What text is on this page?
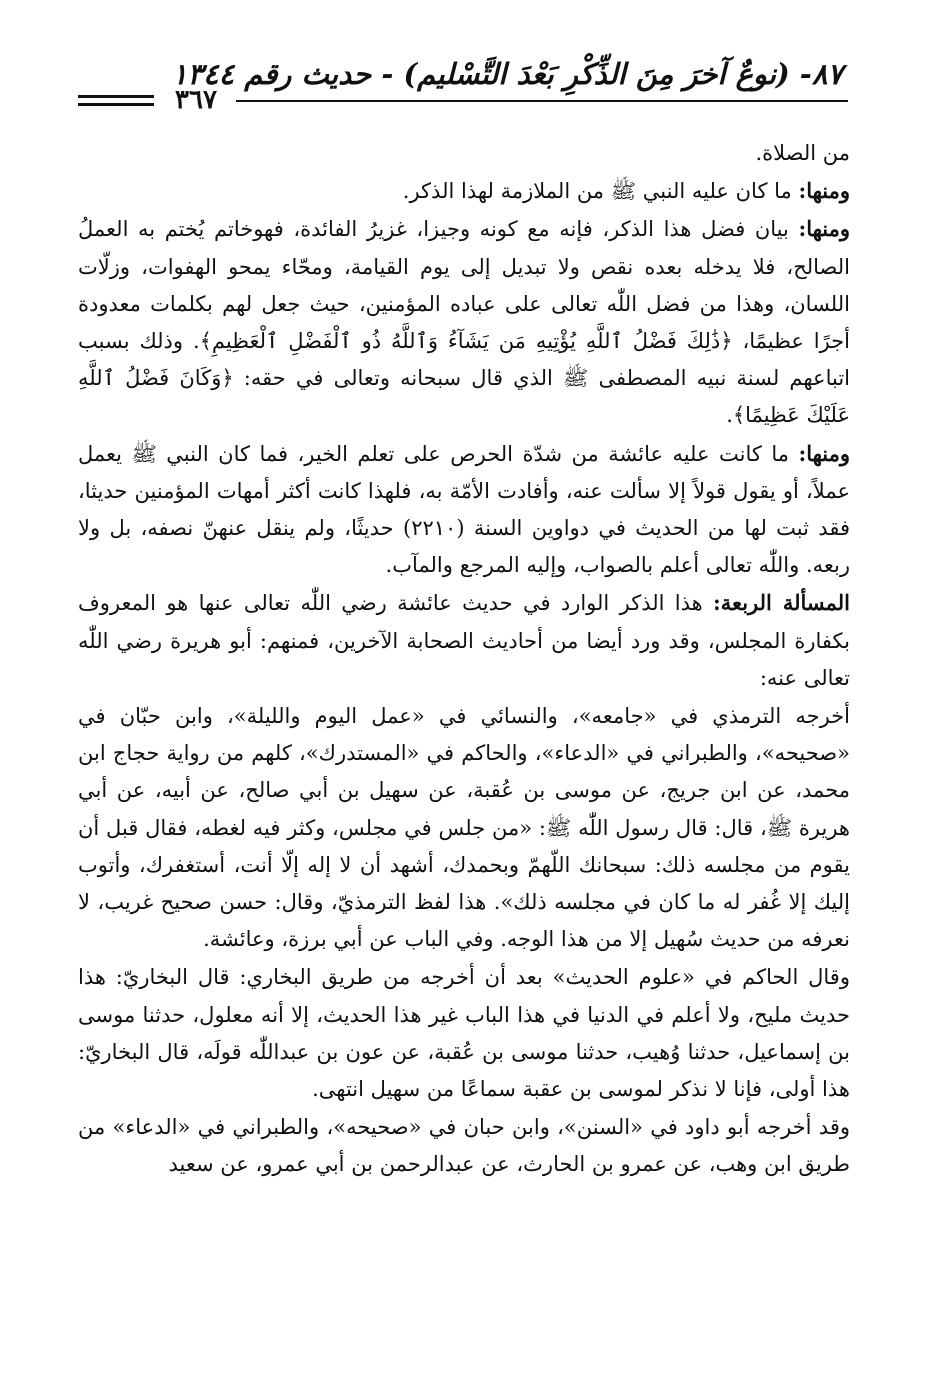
٨٧- (نوعٌ آخرَ مِنَ الذِّكْرِ بَعْدَ التَّسْليم) - حديث رقم ١٣٤٤
٣٦٧

من الصلاة.

ومنها: ما كان عليه النبي ﷺ من الملازمة لهذا الذكر.

ومنها: بيان فضل هذا الذكر، فإنه مع كونه وجيزا، غزيرُ الفائدة، فهوخاتم يُختم به العملُ الصالح، فلا يدخله بعده نقص ولا تبديل إلى يوم القيامة، ومحّاء يمحو الهفوات، وزلّات اللسان، وهذا من فضل اللّٰه تعالى على عباده المؤمنين، حيث جعل لهم بكلمات معدودة أجرًا عظيمًا، ﴿ذَٰلِكَ فَضْلُ ٱللَّهِ يُؤْتِيهِ مَن يَشَآءُ وَٱللَّهُ ذُو ٱلْفَضْلِ ٱلْعَظِيمِ﴾. وذلك بسبب اتباعهم لسنة نبيه المصطفى ﷺ الذي قال سبحانه وتعالى في حقه: ﴿وَكَانَ فَضْلُ ٱللَّهِ عَلَيْكَ عَظِيمًا﴾.

ومنها: ما كانت عليه عائشة من شدّة الحرص على تعلم الخير، فما كان النبي ﷺ يعمل عملاً، أو يقول قولاً إلا سألت عنه، وأفادت الأمّة به، فلهذا كانت أكثر أمهات المؤمنين حديثا، فقد ثبت لها من الحديث في دواوين السنة (٢٢١٠) حديثًا، ولم ينقل عنهنّ نصفه، بل ولا ربعه. واللّٰه تعالى أعلم بالصواب، وإليه المرجع والمآب.

المسألة الربعة: هذا الذكر الوارد في حديث عائشة رضي اللّٰه تعالى عنها هو المعروف بكفارة المجلس، وقد ورد أيضا من أحاديث الصحابة الآخرين، فمنهم: أبو هريرة رضي اللّٰه تعالى عنه:

أخرجه الترمذي في «جامعه»، والنسائي في «عمل اليوم والليلة»، وابن حبّان في «صحيحه»، والطبراني في «الدعاء»، والحاكم في «المستدرك»، كلهم من رواية حجاج ابن محمد، عن ابن جريج، عن موسى بن عُقبة، عن سهيل بن أبي صالح، عن أبيه، عن أبي هريرة ﷺ، قال: قال رسول اللّٰه ﷺ: «من جلس في مجلس، وكثر فيه لغطه، فقال قبل أن يقوم من مجلسه ذلك: سبحانك اللّهمّ وبحمدك، أشهد أن لا إله إلّا أنت، أستغفرك، وأتوب إليك إلا غُفر له ما كان في مجلسه ذلك». هذا لفظ الترمذيّ، وقال: حسن صحيح غريب، لا نعرفه من حديث سُهيل إلا من هذا الوجه. وفي الباب عن أبي برزة، وعائشة.

وقال الحاكم في «علوم الحديث» بعد أن أخرجه من طريق البخاري: قال البخاريّ: هذا حديث مليح، ولا أعلم في الدنيا في هذا الباب غير هذا الحديث، إلا أنه معلول، حدثنا موسى بن إسماعيل، حدثنا وُهيب، حدثنا موسى بن عُقبة، عن عون بن عبداللّٰه قولَه، قال البخاريّ: هذا أولى، فإنا لا نذكر لموسى بن عقبة سماعًا من سهيل انتهى.

وقد أخرجه أبو داود في «السنن»، وابن حبان في «صحيحه»، والطبراني في «الدعاء» من طريق ابن وهب، عن عمرو بن الحارث، عن عبدالرحمن بن أبي عمرو، عن سعيد
